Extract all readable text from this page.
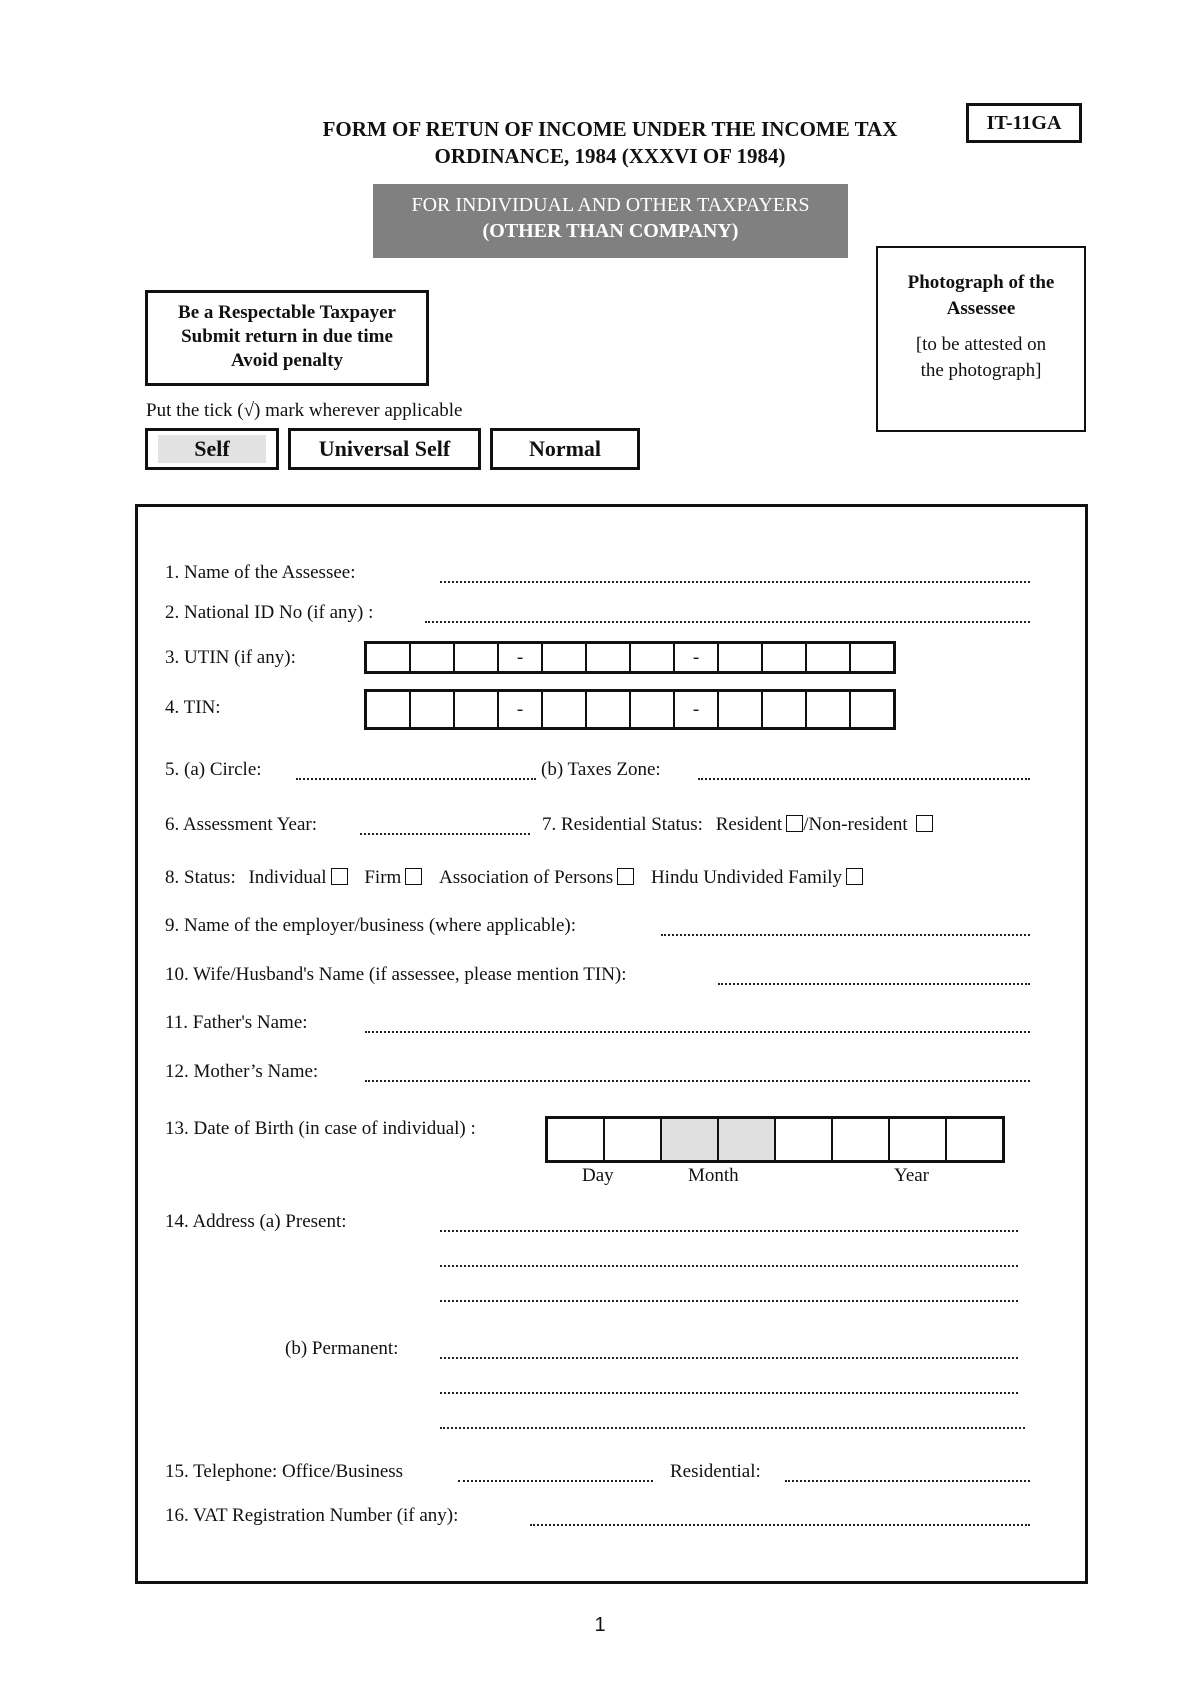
FORM OF RETUN OF INCOME UNDER THE INCOME TAX
ORDINANCE, 1984 (XXXVI OF 1984)
IT-11GA
FOR INDIVIDUAL AND OTHER TAXPAYERS
(OTHER THAN COMPANY)
Photograph of the
Assessee
[to be attested on
the photograph]
Be a Respectable Taxpayer
Submit return in due time
Avoid penalty
Put the tick (√) mark wherever applicable
Self	Universal Self	Normal
1. Name of the Assessee:
2. National ID No (if any) :
3. UTIN (if any):	-	-
4. TIN:	-	-
5. (a) Circle:	(b) Taxes Zone:
6. Assessment Year:	7. Residential Status: Resident /Non-resident
8. Status: Individual Firm Association of Persons Hindu Undivided Family
9. Name of the employer/business (where applicable):
10. Wife/Husband's Name (if assessee, please mention TIN):
11. Father's Name:
12. Mother’s Name:
13. Date of Birth (in case of individual) :
Day	Month	Year
14. Address (a) Present:
(b) Permanent:
15. Telephone: Office/Business	Residential:
16. VAT Registration Number (if any):
1
